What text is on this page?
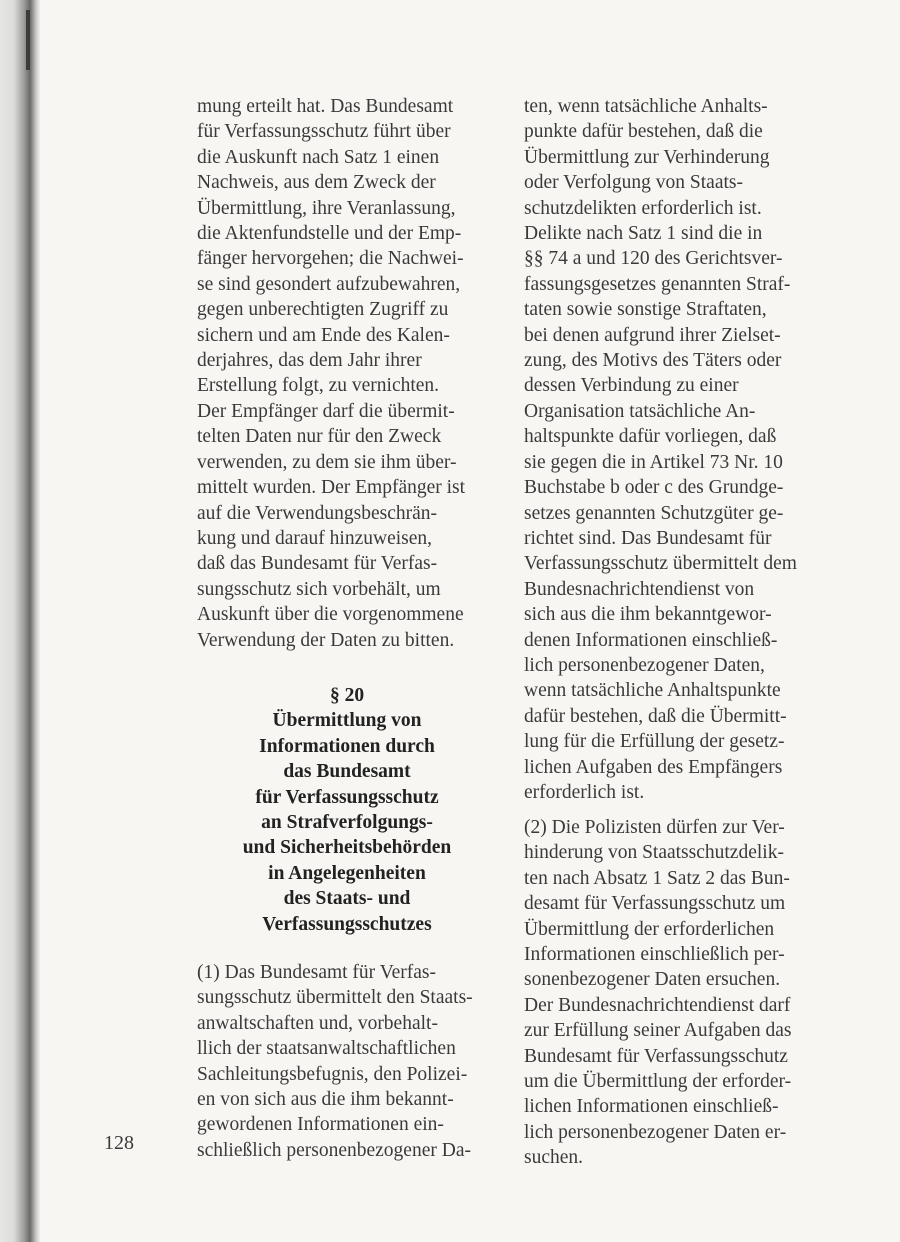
mung erteilt hat. Das Bundesamt
für Verfassungsschutz führt über
die Auskunft nach Satz 1 einen
Nachweis, aus dem Zweck der
Übermittlung, ihre Veranlassung,
die Aktenfundstelle und der Emp-
fänger hervorgehen; die Nachwei-
se sind gesondert aufzubewahren,
gegen unberechtigten Zugriff zu
sichern und am Ende des Kalen-
derjahres, das dem Jahr ihrer
Erstellung folgt, zu vernichten.
Der Empfänger darf die übermit-
telten Daten nur für den Zweck
verwenden, zu dem sie ihm über-
mittelt wurden. Der Empfänger ist
auf die Verwendungsbeschrän-
kung und darauf hinzuweisen,
daß das Bundesamt für Verfas-
sungsschutz sich vorbehält, um
Auskunft über die vorgenommene
Verwendung der Daten zu bitten.
§ 20
Übermittlung von
Informationen durch
das Bundesamt
für Verfassungsschutz
an Strafverfolgungs-
und Sicherheitsbehörden
in Angelegenheiten
des Staats- und
Verfassungsschutzes
(1) Das Bundesamt für Verfas-
sungsschutz übermittelt den Staats-
anwaltschaften und, vorbehalt-
llich der staatsanwaltschaftlichen
Sachleitungsbefugnis, den Polizei-
en von sich aus die ihm bekannt-
gewordenen Informationen ein-
schließlich personenbezogener Da-
ten, wenn tatsächliche Anhalts-
punkte dafür bestehen, daß die
Übermittlung zur Verhinderung
oder Verfolgung von Staats-
schutzdelikten erforderlich ist.
Delikte nach Satz 1 sind die in
§§ 74 a und 120 des Gerichtsver-
fassungsgesetzes genannten Straf-
taten sowie sonstige Straftaten,
bei denen aufgrund ihrer Zielset-
zung, des Motivs des Täters oder
dessen Verbindung zu einer
Organisation tatsächliche An-
haltspunkte dafür vorliegen, daß
sie gegen die in Artikel 73 Nr. 10
Buchstabe b oder c des Grundge-
setzes genannten Schutzgüter ge-
richtet sind. Das Bundesamt für
Verfassungsschutz übermittelt dem
Bundesnachrichtendienst von
sich aus die ihm bekanntgewor-
denen Informationen einschließ-
lich personenbezogener Daten,
wenn tatsächliche Anhaltspunkte
dafür bestehen, daß die Übermitt-
lung für die Erfüllung der gesetz-
lichen Aufgaben des Empfängers
erforderlich ist.
(2) Die Polizisten dürfen zur Ver-
hinderung von Staatsschutzdelik-
ten nach Absatz 1 Satz 2 das Bun-
desamt für Verfassungsschutz um
Übermittlung der erforderlichen
Informationen einschließlich per-
sonenbezogener Daten ersuchen.
Der Bundesnachrichtendienst darf
zur Erfüllung seiner Aufgaben das
Bundesamt für Verfassungsschutz
um die Übermittlung der erforder-
lichen Informationen einschließ-
lich personenbezogener Daten er-
suchen.
128
